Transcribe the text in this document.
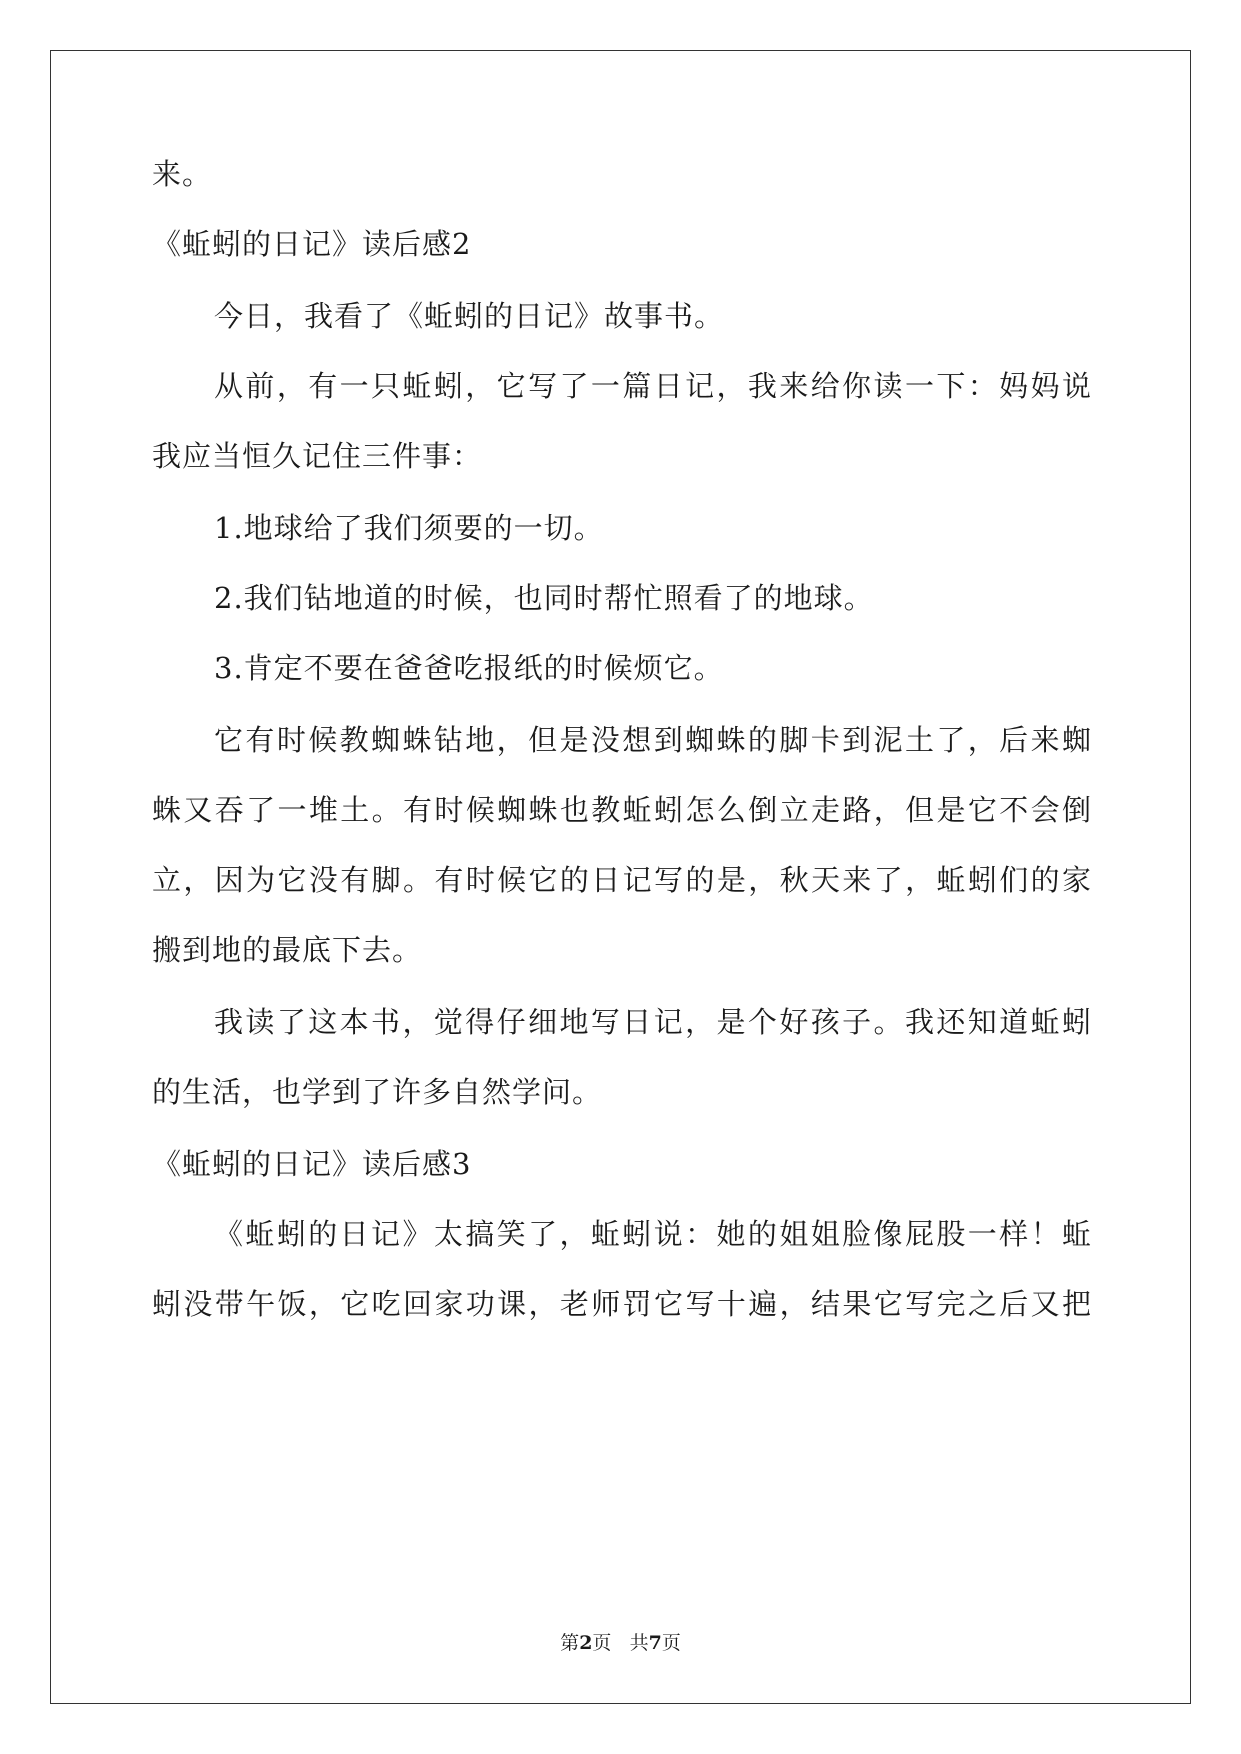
来。
《蚯蚓的日记》读后感2
今日，我看了《蚯蚓的日记》故事书。
从前，有一只蚯蚓，它写了一篇日记，我来给你读一下：妈妈说
我应当恒久记住三件事：
1.地球给了我们须要的一切。
2.我们钻地道的时候，也同时帮忙照看了的地球。
3.肯定不要在爸爸吃报纸的时候烦它。
它有时候教蜘蛛钻地，但是没想到蜘蛛的脚卡到泥土了，后来蜘
蛛又吞了一堆土。有时候蜘蛛也教蚯蚓怎么倒立走路，但是它不会倒
立，因为它没有脚。有时候它的日记写的是，秋天来了，蚯蚓们的家
搬到地的最底下去。
我读了这本书，觉得仔细地写日记，是个好孩子。我还知道蚯蚓
的生活，也学到了许多自然学问。
《蚯蚓的日记》读后感3
《蚯蚓的日记》太搞笑了，蚯蚓说：她的姐姐脸像屁股一样！蚯
蚓没带午饭，它吃回家功课，老师罚它写十遍，结果它写完之后又把
第2页 共7页
